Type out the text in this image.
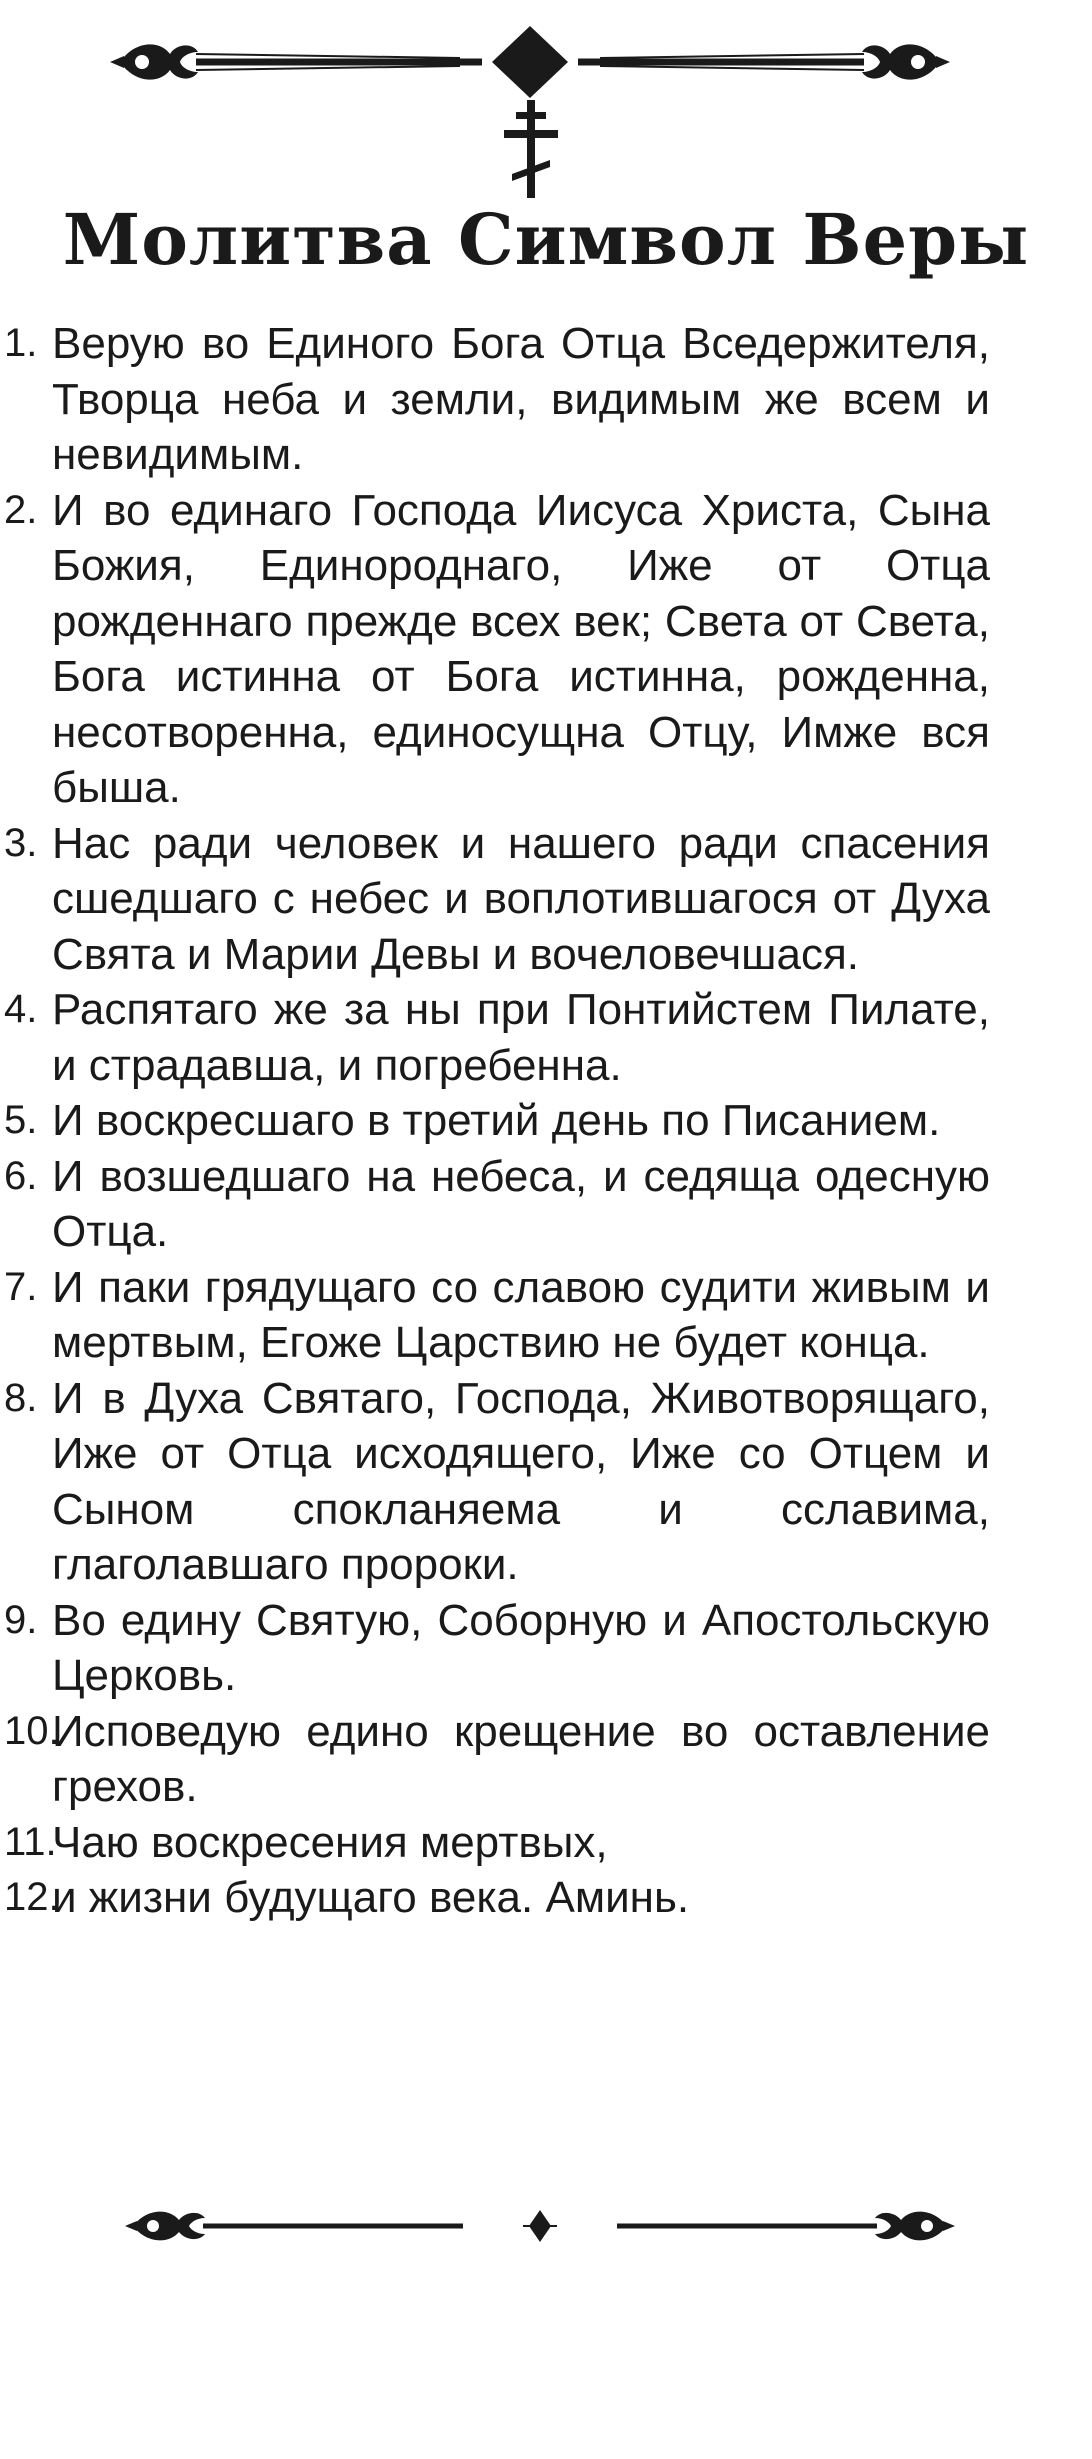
Молитва Символ Веры
1. Верую во Единого Бога Отца Вседержителя, Творца неба и земли, видимым же всем и невидимым.
2. И во единаго Господа Иисуса Христа, Сына Божия, Единороднаго, Иже от Отца рожденнаго прежде всех век; Света от Света, Бога истинна от Бога истинна, рожденна, несотворенна, единосущна Отцу, Имже вся быша.
3. Нас ради человек и нашего ради спасения сшедшаго с небес и воплотившагося от Духа Свята и Марии Девы и вочеловечшася.
4. Распятаго же за ны при Понтийстем Пилате, и страдавша, и погребенна.
5. И воскресшаго в третий день по Писанием.
6. И возшедшаго на небеса, и седяща одесную Отца.
7. И паки грядущаго со славою судити живым и мертвым, Егоже Царствию не будет конца.
8. И в Духа Святаго, Господа, Животворящаго, Иже от Отца исходящего, Иже со Отцем и Сыном спокланяема и сславима, глаголавшаго пророки.
9. Во едину Святую, Соборную и Апостольскую Церковь.
10.
Исповедую едино крещение во оставление грехов.
11.
Чаю воскресения мертвых,
12.
и жизни будущаго века. Аминь.
